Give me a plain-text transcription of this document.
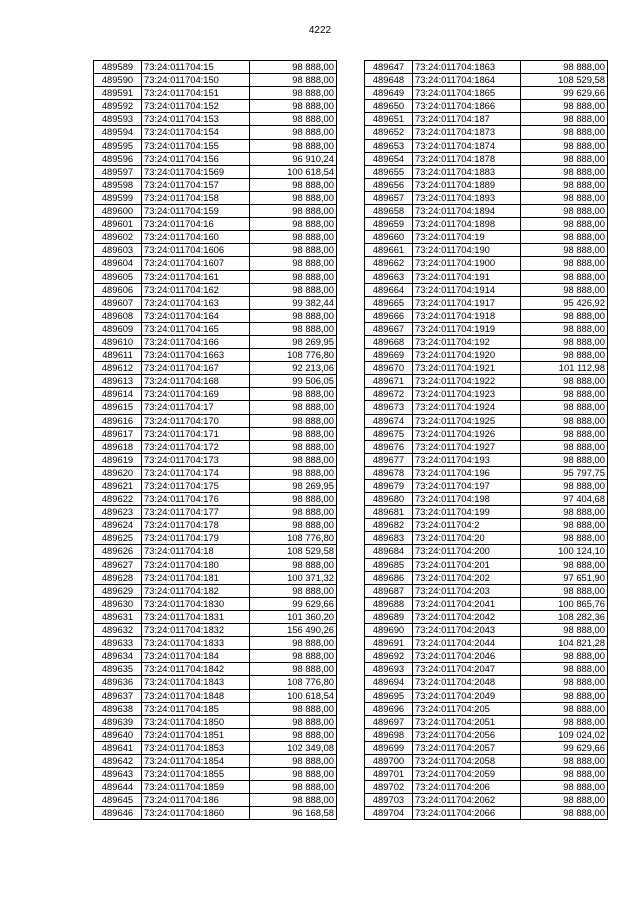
4222
489589	73:24:011704:15	98 888,00
489590	73:24:011704:150	98 888,00
489591	73:24:011704:151	98 888,00
489592	73:24:011704:152	98 888,00
489593	73:24:011704:153	98 888,00
489594	73:24:011704:154	98 888,00
489595	73:24:011704:155	98 888,00
489596	73:24:011704:156	96 910,24
489597	73:24:011704:1569	100 618,54
489598	73:24:011704:157	98 888,00
489599	73:24:011704:158	98 888,00
489600	73:24:011704:159	98 888,00
489601	73:24:011704:16	98 888,00
489602	73:24:011704:160	98 888,00
489603	73:24:011704:1606	98 888,00
489604	73:24:011704:1607	98 888,00
489605	73:24:011704:161	98 888,00
489606	73:24:011704:162	98 888,00
489607	73:24:011704:163	99 382,44
489608	73:24:011704:164	98 888,00
489609	73:24:011704:165	98 888,00
489610	73:24:011704:166	98 269,95
489611	73:24:011704:1663	108 776,80
489612	73:24:011704:167	92 213,06
489613	73:24:011704:168	99 506,05
489614	73:24:011704:169	98 888,00
489615	73:24:011704:17	98 888,00
489616	73:24:011704:170	98 888,00
489617	73:24:011704:171	98 888,00
489618	73:24:011704:172	98 888,00
489619	73:24:011704:173	98 888,00
489620	73:24:011704:174	98 888,00
489621	73:24:011704:175	98 269,95
489622	73:24:011704:176	98 888,00
489623	73:24:011704:177	98 888,00
489624	73:24:011704:178	98 888,00
489625	73:24:011704:179	108 776,80
489626	73:24:011704:18	108 529,58
489627	73:24:011704:180	98 888,00
489628	73:24:011704:181	100 371,32
489629	73:24:011704:182	98 888,00
489630	73:24:011704:1830	99 629,66
489631	73:24:011704:1831	101 360,20
489632	73:24:011704:1832	156 490,26
489633	73:24:011704:1833	98 888,00
489634	73:24:011704:184	98 888,00
489635	73:24:011704:1842	98 888,00
489636	73:24:011704:1843	108 776,80
489637	73:24:011704:1848	100 618,54
489638	73:24:011704:185	98 888,00
489639	73:24:011704:1850	98 888,00
489640	73:24:011704:1851	98 888,00
489641	73:24:011704:1853	102 349,08
489642	73:24:011704:1854	98 888,00
489643	73:24:011704:1855	98 888,00
489644	73:24:011704:1859	98 888,00
489645	73:24:011704:186	98 888,00
489646	73:24:011704:1860	96 168,58
489647	73:24:011704:1863	98 888,00
489648	73:24:011704:1864	108 529,58
489649	73:24:011704:1865	99 629,66
489650	73:24:011704:1866	98 888,00
489651	73:24:011704:187	98 888,00
489652	73:24:011704:1873	98 888,00
489653	73:24:011704:1874	98 888,00
489654	73:24:011704:1878	98 888,00
489655	73:24:011704:1883	98 888,00
489656	73:24:011704:1889	98 888,00
489657	73:24:011704:1893	98 888,00
489658	73:24:011704:1894	98 888,00
489659	73:24:011704:1898	98 888,00
489660	73:24:011704:19	98 888,00
489661	73:24:011704:190	98 888,00
489662	73:24:011704:1900	98 888,00
489663	73:24:011704:191	98 888,00
489664	73:24:011704:1914	98 888,00
489665	73:24:011704:1917	95 426,92
489666	73:24:011704:1918	98 888,00
489667	73:24:011704:1919	98 888,00
489668	73:24:011704:192	98 888,00
489669	73:24:011704:1920	98 888,00
489670	73:24:011704:1921	101 112,98
489671	73:24:011704:1922	98 888,00
489672	73:24:011704:1923	98 888,00
489673	73:24:011704:1924	98 888,00
489674	73:24:011704:1925	98 888,00
489675	73:24:011704:1926	98 888,00
489676	73:24:011704:1927	98 888,00
489677	73:24:011704:193	98 888,00
489678	73:24:011704:196	95 797,75
489679	73:24:011704:197	98 888,00
489680	73:24:011704:198	97 404,68
489681	73:24:011704:199	98 888,00
489682	73:24:011704:2	98 888,00
489683	73:24:011704:20	98 888,00
489684	73:24:011704:200	100 124,10
489685	73:24:011704:201	98 888,00
489686	73:24:011704:202	97 651,90
489687	73:24:011704:203	98 888,00
489688	73:24:011704:2041	100 865,76
489689	73:24:011704:2042	108 282,36
489690	73:24:011704:2043	98 888,00
489691	73:24:011704:2044	104 821,28
489692	73:24:011704:2046	98 888,00
489693	73:24:011704:2047	98 888,00
489694	73:24:011704:2048	98 888,00
489695	73:24:011704:2049	98 888,00
489696	73:24:011704:205	98 888,00
489697	73:24:011704:2051	98 888,00
489698	73:24:011704:2056	109 024,02
489699	73:24:011704:2057	99 629,66
489700	73:24:011704:2058	98 888,00
489701	73:24:011704:2059	98 888,00
489702	73:24:011704:206	98 888,00
489703	73:24:011704:2062	98 888,00
489704	73:24:011704:2066	98 888,00
